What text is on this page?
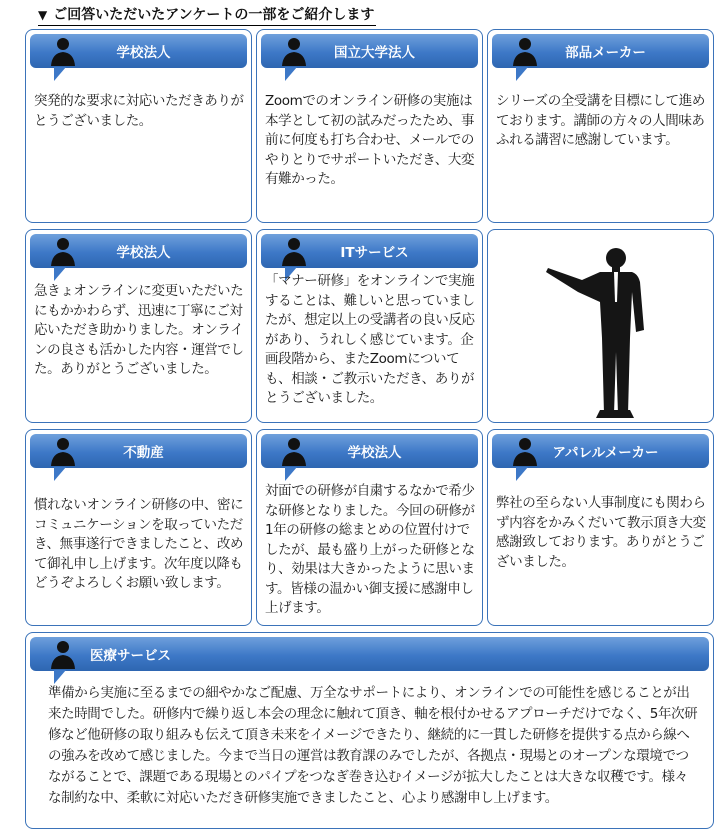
▼ ご回答いただいたアンケートの一部をご紹介します
学校法人
突発的な要求に対応いただきありがとうございました。
国立大学法人
Zoomでのオンライン研修の実施は本学として初の試みだったため、事前に何度も打ち合わせ、メールでのやりとりでサポートいただき、大変有難かった。
部品メーカー
シリーズの全受講を目標にして進めております。講師の方々の人間味あふれる講習に感謝しています。
学校法人
急きょオンラインに変更いただいたにもかかわらず、迅速に丁寧にご対応いただき助かりました。オンラインの良さも活かした内容・運営でした。ありがとうございました。
ITサービス
「マナー研修」をオンラインで実施することは、難しいと思っていましたが、想定以上の受講者の良い反応があり、うれしく感じています。企画段階から、またZoomについても、相談・ご教示いただき、ありがとうございました。
不動産
慣れないオンライン研修の中、密にコミュニケーションを取っていただき、無事遂行できましたこと、改めて御礼申し上げます。次年度以降もどうぞよろしくお願い致します。
学校法人
対面での研修が自粛するなかで希少な研修となりました。今回の研修が1年の研修の総まとめの位置付けでしたが、最も盛り上がった研修となり、効果は大きかったように思います。皆様の温かい御支援に感謝申し上げます。
アパレルメーカー
弊社の至らない人事制度にも関わらず内容をかみくだいて教示頂き大変感謝致しております。ありがとうございました。
医療サービス
準備から実施に至るまでの細やかなご配慮、万全なサポートにより、オンラインでの可能性を感じることが出来た時間でした。研修内で繰り返し本会の理念に触れて頂き、軸を根付かせるアプローチだけでなく、5年次研修など他研修の取り組みも伝えて頂き未来をイメージできたり、継続的に一貫した研修を提供する点から線への強みを改めて感じました。今まで当日の運営は教育課のみでしたが、各拠点・現場とのオープンな環境でつながることで、課題である現場とのパイプをつなぎ巻き込むイメージが拡大したことは大きな収穫です。様々な制約な中、柔軟に対応いただき研修実施できましたこと、心より感謝申し上げます。
